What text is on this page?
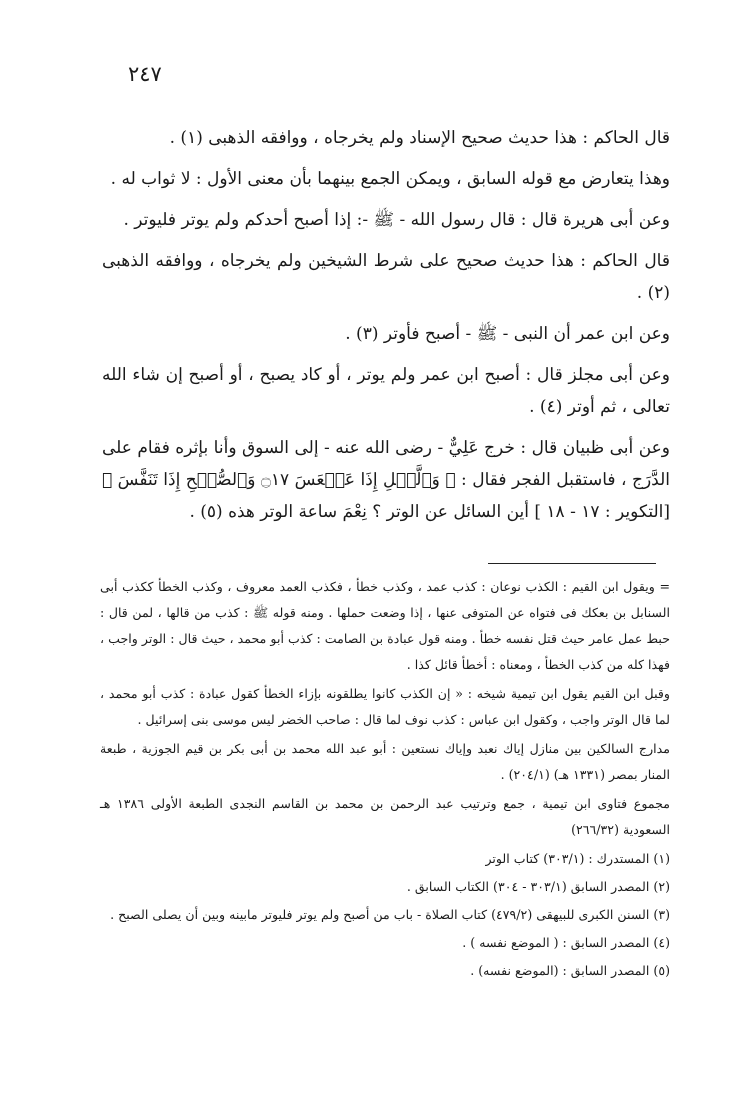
٢٤٧

قال الحاكم : هذا حديث صحيح الإسناد ولم يخرجاه ، ووافقه الذهبى (١) .

وهذا يتعارض مع قوله السابق ، ويمكن الجمع بينهما بأن معنى الأول : لا ثواب له .

وعن أبى هريرة قال : قال رسول الله - ﷺ -: إذا أصبح أحدكم ولم يوتر فليوتر .

قال الحاكم : هذا حديث صحيح على شرط الشيخين ولم يخرجاه ، ووافقه الذهبى (٢) .

وعن ابن عمر أن النبى - ﷺ - أصبح فأوتر (٣) .

وعن أبى مجلز قال : أصبح ابن عمر ولم يوتر ، أو كاد يصبح ، أو أصبح إن شاء الله تعالى ، ثم أوتر (٤) .

وعن أبى ظبيان قال : خرج عَلِيٌّ - رضى الله عنه - إلى السوق وأنا بإثره فقام على الدَّرَج ، فاستقبل الفجر فقال : ﴿ وَٱلَّيۡلِ إِذَا عَسۡعَسَ ۝١٧ وَٱلصُّبۡحِ إِذَا تَنَفَّسَ ﴾ [التكوير : ١٧ - ١٨ ] أين السائل عن الوتر ؟ نِعْمَ ساعة الوتر هذه (٥) .

= ويقول ابن القيم : الكذب نوعان : كذب عمد ، وكذب خطأ ، فكذب العمد معروف ، وكذب الخطأ ككذب أبى السنابل بن بعكك فى فتواه عن المتوفى عنها ، إذا وضعت حملها . ومنه قوله ﷺ : كذب من قالها ، لمن قال : حبط عمل عامر حيث قتل نفسه خطأ . ومنه قول عبادة بن الصامت : كذب أبو محمد ، حيث قال : الوتر واجب ، فهذا كله من كذب الخطأ ، ومعناه : أخطأ قائل كذا .

وقبل ابن القيم يقول ابن تيمية شيخه : « إن الكذب كانوا يطلقونه بإزاء الخطأ كقول عبادة : كذب أبو محمد ، لما قال الوتر واجب ، وكقول ابن عباس : كذب نوف لما قال : صاحب الخضر ليس موسى بنى إسرائيل .

مدارج السالكين بين منازل إياك نعبد وإياك نستعين : أبو عبد الله محمد بن أبى بكر بن قيم الجوزية ، طبعة المنار بمصر (١٣٣١ هـ) (٢٠٤/١) .

مجموع فتاوى ابن تيمية ، جمع وترتيب عبد الرحمن بن محمد بن القاسم النجدى الطبعة الأولى ١٣٨٦ هـ السعودية (٢٦٦/٣٢)

(١) المستدرك : (٣٠٣/١) كتاب الوتر

(٢) المصدر السابق (٣٠٣/١ - ٣٠٤) الكتاب السابق .

(٣) السنن الكبرى للبيهقى (٤٧٩/٢) كتاب الصلاة - باب من أصبح ولم يوتر فليوتر مابينه وبين أن يصلى الصبح .

(٤) المصدر السابق : ( الموضع نفسه ) .

(٥) المصدر السابق : (الموضع نفسه) .
